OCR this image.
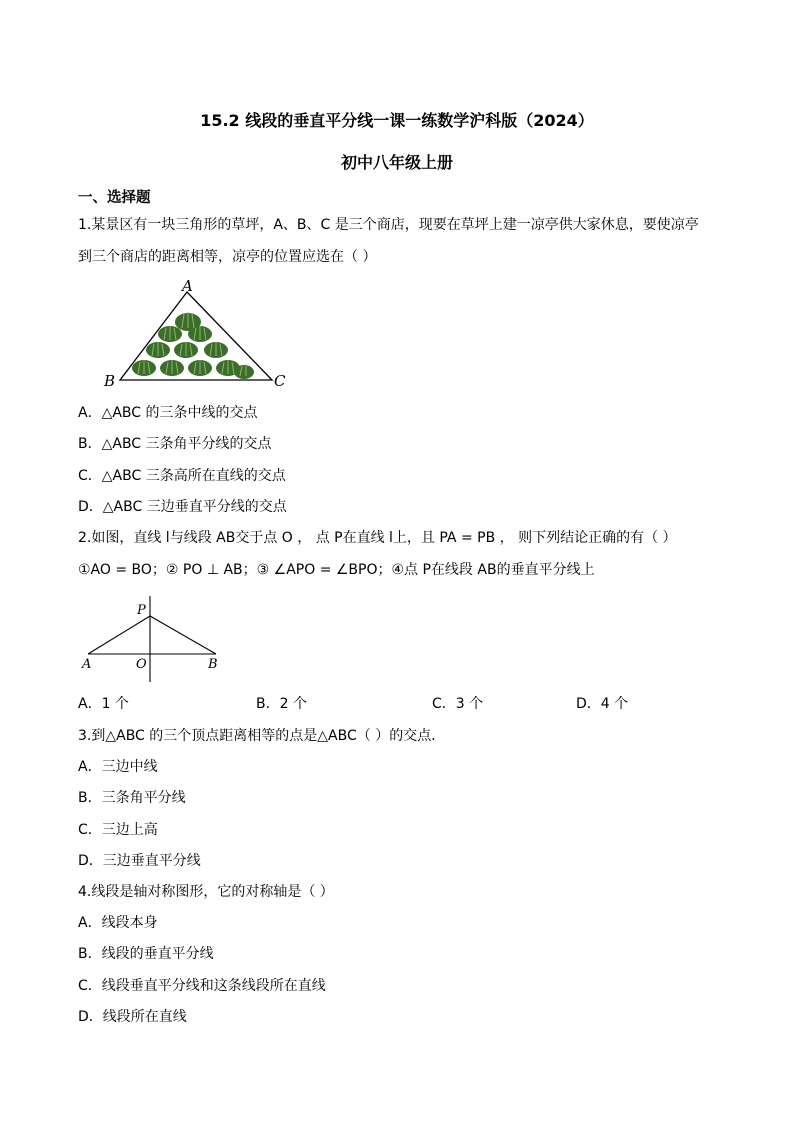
15.2 线段的垂直平分线一课一练数学沪科版（2024）
初中八年级上册
一、选择题
1.某景区有一块三角形的草坪，A、B、C 是三个商店，现要在草坪上建一凉亭供大家休息，要使凉亭
到三个商店的距离相等，凉亭的位置应选在（ ）
A
B	C
A．△ABC 的三条中线的交点
B．△ABC 三条角平分线的交点
C．△ABC 三条高所在直线的交点
D．△ABC 三边垂直平分线的交点
2.如图，直线 l与线段 AB交于点 O ， 点 P在直线 l上，且 PA = PB ， 则下列结论正确的有（ ）
①AO = BO；② PO ⊥ AB；③ ∠APO = ∠BPO；④点 P在线段 AB的垂直平分线上
P
A	O	B
A．1 个	B．2 个	C．3 个	D．4 个
3.到△ABC 的三个顶点距离相等的点是△ABC（ ）的交点．
A．三边中线
B．三条角平分线
C．三边上高
D．三边垂直平分线
4.线段是轴对称图形，它的对称轴是（ ）
A．线段本身
B．线段的垂直平分线
C．线段垂直平分线和这条线段所在直线
D．线段所在直线
